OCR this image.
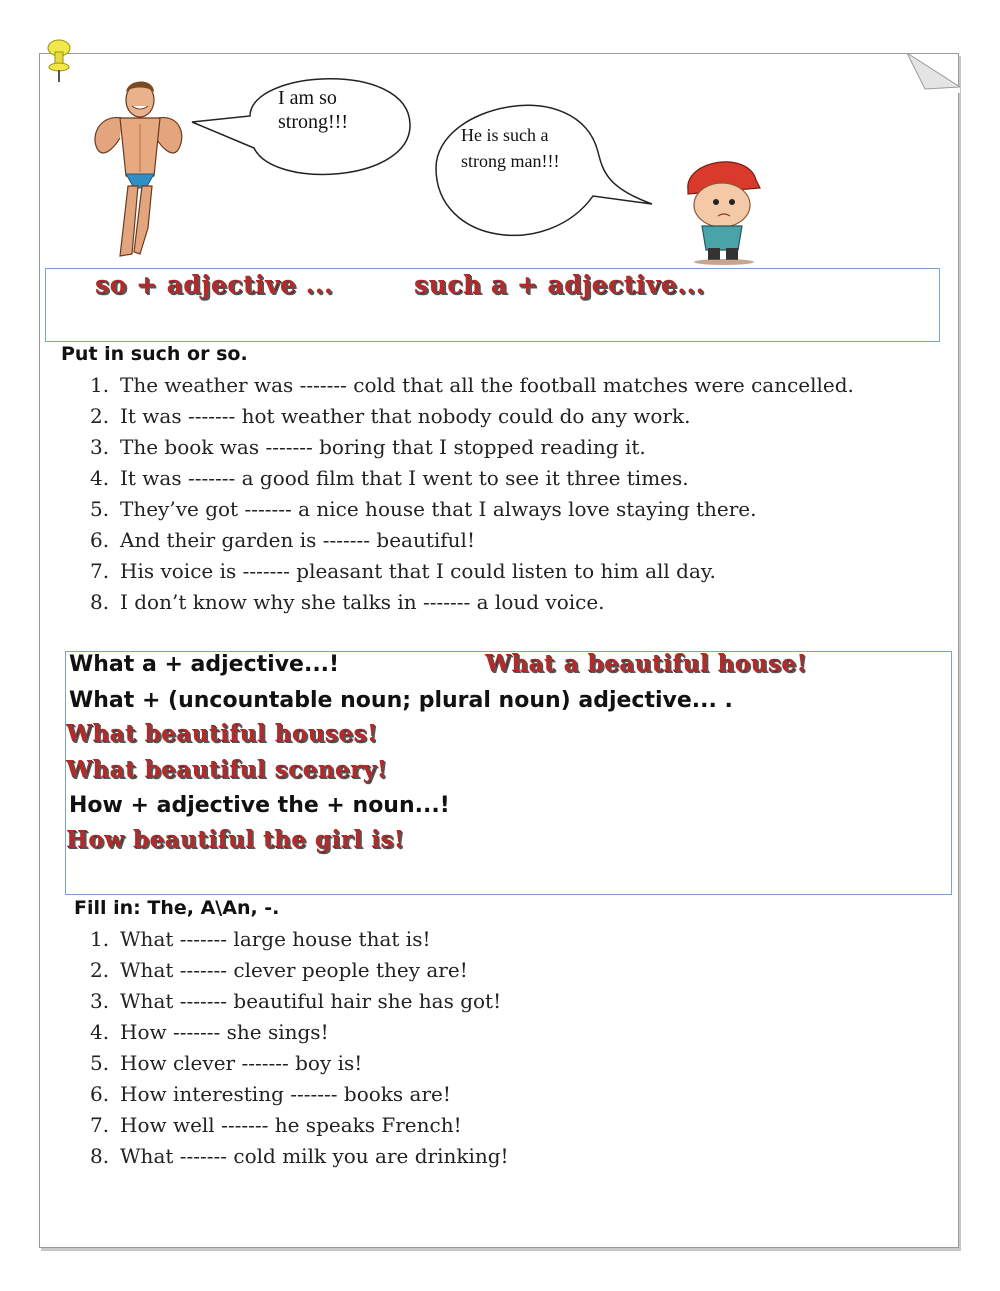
I am so strong!!!
He is such a strong man!!!
so + adjective ...	such a + adjective...
Put in such or so.
1. The weather was ------- cold that all the football matches were cancelled.
2. It was ------- hot weather that nobody could do any work.
3. The book was ------- boring that I stopped reading it.
4. It was ------- a good film that I went to see it three times.
5. They’ve got ------- a nice house that I always love staying there.
6. And their garden is ------- beautiful!
7. His voice is ------- pleasant that I could listen to him all day.
8. I don’t know why she talks in ------- a loud voice.
What a + adjective...!	What a beautiful house!
What + (uncountable noun; plural noun) adjective... .
What beautiful houses!
What beautiful scenery!
How + adjective the + noun...!
How beautiful the girl is!
Fill in: The, A\An, -.
1. What ------- large house that is!
2. What ------- clever people they are!
3. What ------- beautiful hair she has got!
4. How ------- she sings!
5. How clever ------- boy is!
6. How interesting ------- books are!
7. How well ------- he speaks French!
8. What ------- cold milk you are drinking!
